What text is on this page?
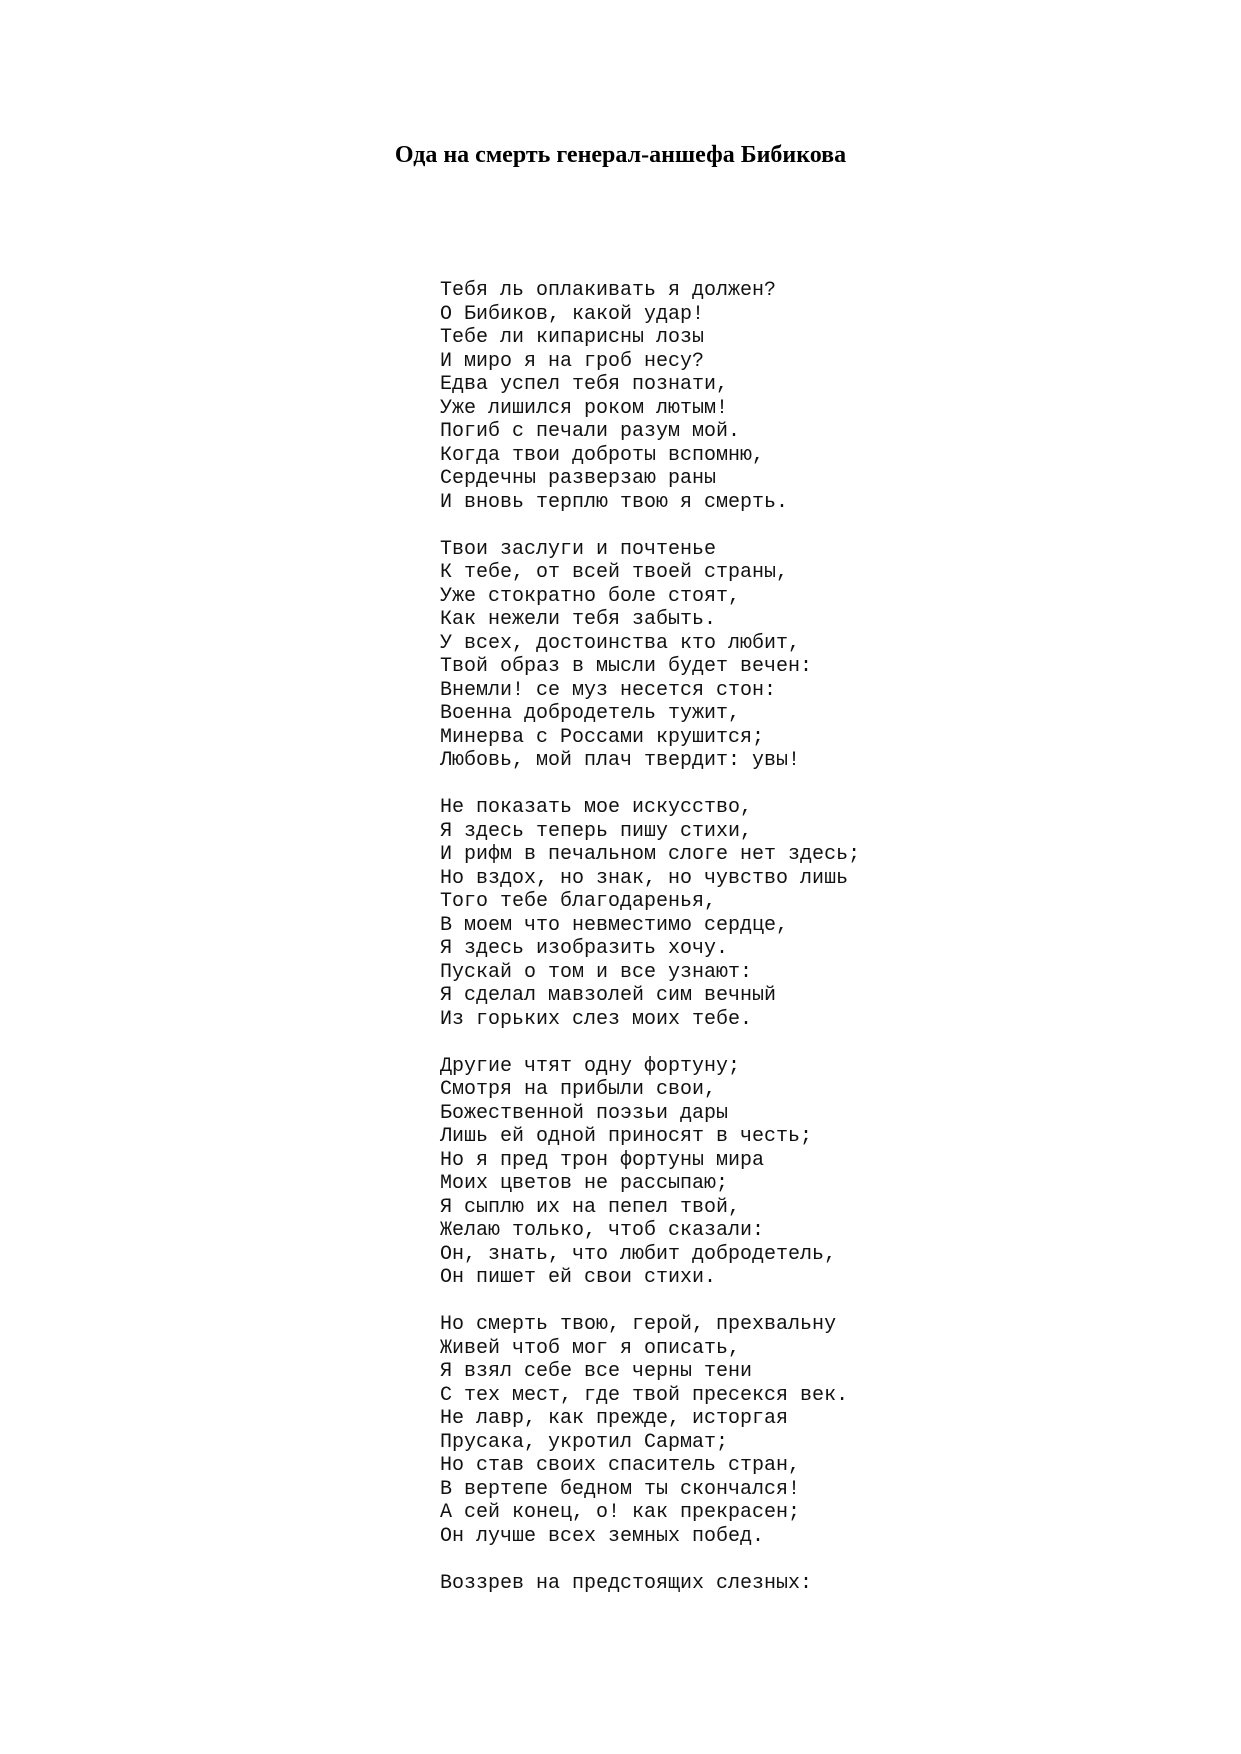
Ода на смерть генерал-аншефа Бибикова
Тебя ль оплакивать я должен?
О Бибиков, какой удар!
Тебе ли кипарисны лозы
И миро я на гроб несу?
Едва успел тебя познати,
Уже лишился роком лютым!
Погиб с печали разум мой.
Когда твои доброты вспомню,
Сердечны разверзаю раны
И вновь терплю твою я смерть.
Твои заслуги и почтенье
К тебе, от всей твоей страны,
Уже стократно боле стоят,
Как нежели тебя забыть.
У всех, достоинства кто любит,
Твой образ в мысли будет вечен:
Внемли! се муз несется стон:
Военна добродетель тужит,
Минерва с Россами крушится;
Любовь, мой плач твердит: увы!
Не показать мое искусство,
Я здесь теперь пишу стихи,
И рифм в печальном слоге нет здесь;
Но вздох, но знак, но чувство лишь
Того тебе благодаренья,
В моем что невместимо сердце,
Я здесь изобразить хочу.
Пускай о том и все узнают:
Я сделал мавзолей сим вечный
Из горьких слез моих тебе.
Другие чтят одну фортуну;
Смотря на прибыли свои,
Божественной поэзьи дары
Лишь ей одной приносят в честь;
Но я пред трон фортуны мира
Моих цветов не рассыпаю;
Я сыплю их на пепел твой,
Желаю только, чтоб сказали:
Он, знать, что любит добродетель,
Он пишет ей свои стихи.
Но смерть твою, герой, прехвальну
Живей чтоб мог я описать,
Я взял себе все черны тени
С тех мест, где твой пресекся век.
Не лавр, как прежде, исторгая
Прусака, укротил Сармат;
Но став своих спаситель стран,
В вертепе бедном ты скончался!
А сей конец, о! как прекрасен;
Он лучше всех земных побед.
Воззрев на предстоящих слезных:
